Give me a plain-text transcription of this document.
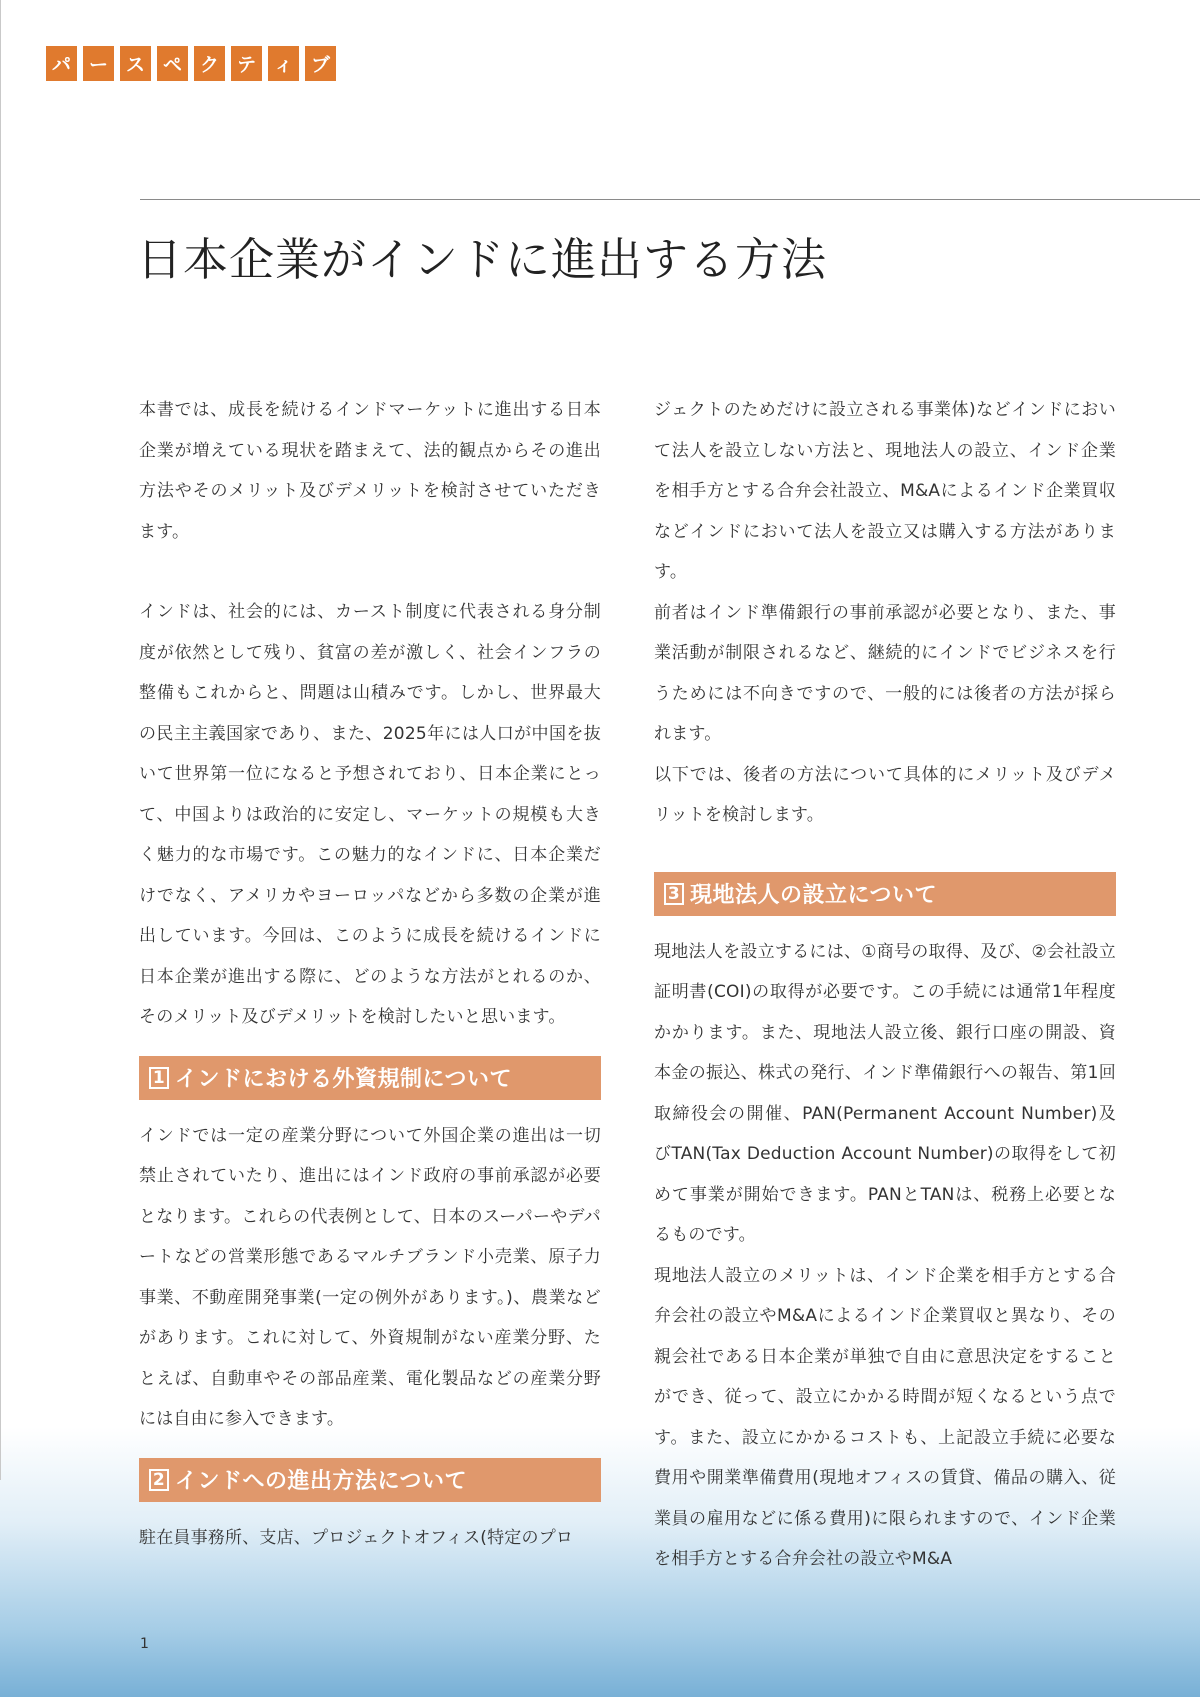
パ ー ス ペ ク テ ィ ブ
日本企業がインドに進出する方法

本書では、成長を続けるインドマーケットに進出する日本企業が増えている現状を踏まえて、法的観点からその進出方法やそのメリット及びデメリットを検討させていただきます。

インドは、社会的には、カースト制度に代表される身分制度が依然として残り、貧富の差が激しく、社会インフラの整備もこれからと、問題は山積みです。しかし、世界最大の民主主義国家であり、また、2025年には人口が中国を抜いて世界第一位になると予想されており、日本企業にとって、中国よりは政治的に安定し、マーケットの規模も大きく魅力的な市場です。この魅力的なインドに、日本企業だけでなく、アメリカやヨーロッパなどから多数の企業が進出しています。今回は、このように成長を続けるインドに日本企業が進出する際に、どのような方法がとれるのか、そのメリット及びデメリットを検討したいと思います。

1 インドにおける外資規制について

インドでは一定の産業分野について外国企業の進出は一切禁止されていたり、進出にはインド政府の事前承認が必要となります。これらの代表例として、日本のスーパーやデパートなどの営業形態であるマルチブランド小売業、原子力事業、不動産開発事業(一定の例外があります。)、農業などがあります。これに対して、外資規制がない産業分野、たとえば、自動車やその部品産業、電化製品などの産業分野には自由に参入できます。

2 インドへの進出方法について

駐在員事務所、支店、プロジェクトオフィス(特定のプロ

ジェクトのためだけに設立される事業体)などインドにおいて法人を設立しない方法と、現地法人の設立、インド企業を相手方とする合弁会社設立、M&Aによるインド企業買収などインドにおいて法人を設立又は購入する方法があります。

前者はインド準備銀行の事前承認が必要となり、また、事業活動が制限されるなど、継続的にインドでビジネスを行うためには不向きですので、一般的には後者の方法が採られます。

以下では、後者の方法について具体的にメリット及びデメリットを検討します。

3 現地法人の設立について

現地法人を設立するには、①商号の取得、及び、②会社設立証明書(COI)の取得が必要です。この手続には通常1年程度かかります。また、現地法人設立後、銀行口座の開設、資本金の振込、株式の発行、インド準備銀行への報告、第1回取締役会の開催、PAN(Permanent Account Number)及びTAN(Tax Deduction Account Number)の取得をして初めて事業が開始できます。PANとTANは、税務上必要となるものです。

現地法人設立のメリットは、インド企業を相手方とする合弁会社の設立やM&Aによるインド企業買収と異なり、その親会社である日本企業が単独で自由に意思決定をすることができ、従って、設立にかかる時間が短くなるという点です。また、設立にかかるコストも、上記設立手続に必要な費用や開業準備費用(現地オフィスの賃貸、備品の購入、従業員の雇用などに係る費用)に限られますので、インド企業を相手方とする合弁会社の設立やM&A

1
